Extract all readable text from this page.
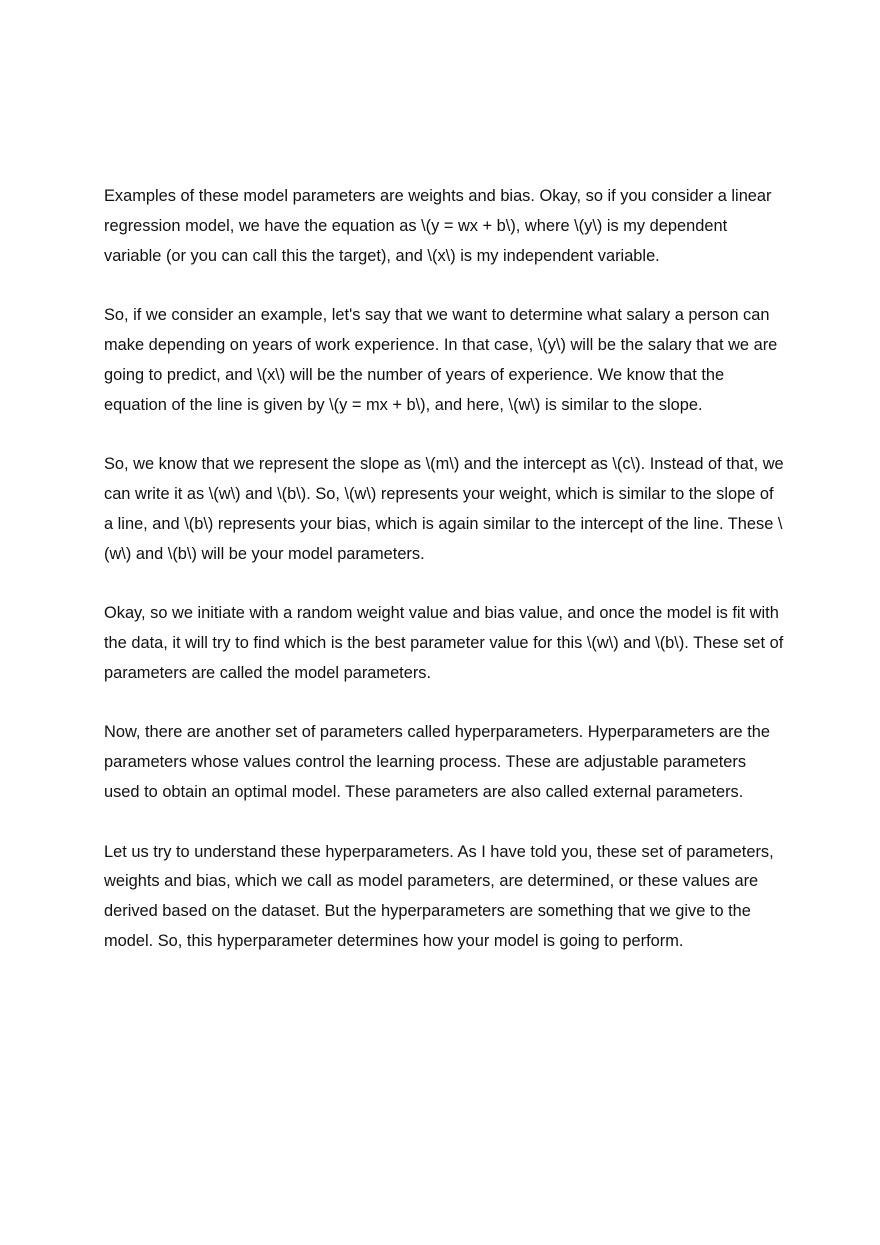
Examples of these model parameters are weights and bias. Okay, so if you consider a linear regression model, we have the equation as \(y = wx + b\), where \(y\) is my dependent variable (or you can call this the target), and \(x\) is my independent variable.

So, if we consider an example, let's say that we want to determine what salary a person can make depending on years of work experience. In that case, \(y\) will be the salary that we are going to predict, and \(x\) will be the number of years of experience. We know that the equation of the line is given by \(y = mx + b\), and here, \(w\) is similar to the slope.

So, we know that we represent the slope as \(m\) and the intercept as \(c\). Instead of that, we can write it as \(w\) and \(b\). So, \(w\) represents your weight, which is similar to the slope of a line, and \(b\) represents your bias, which is again similar to the intercept of the line. These \(w\) and \(b\) will be your model parameters.

Okay, so we initiate with a random weight value and bias value, and once the model is fit with the data, it will try to find which is the best parameter value for this \(w\) and \(b\). These set of parameters are called the model parameters.

Now, there are another set of parameters called hyperparameters. Hyperparameters are the parameters whose values control the learning process. These are adjustable parameters used to obtain an optimal model. These parameters are also called external parameters.

Let us try to understand these hyperparameters. As I have told you, these set of parameters, weights and bias, which we call as model parameters, are determined, or these values are derived based on the dataset. But the hyperparameters are something that we give to the model. So, this hyperparameter determines how your model is going to perform.
